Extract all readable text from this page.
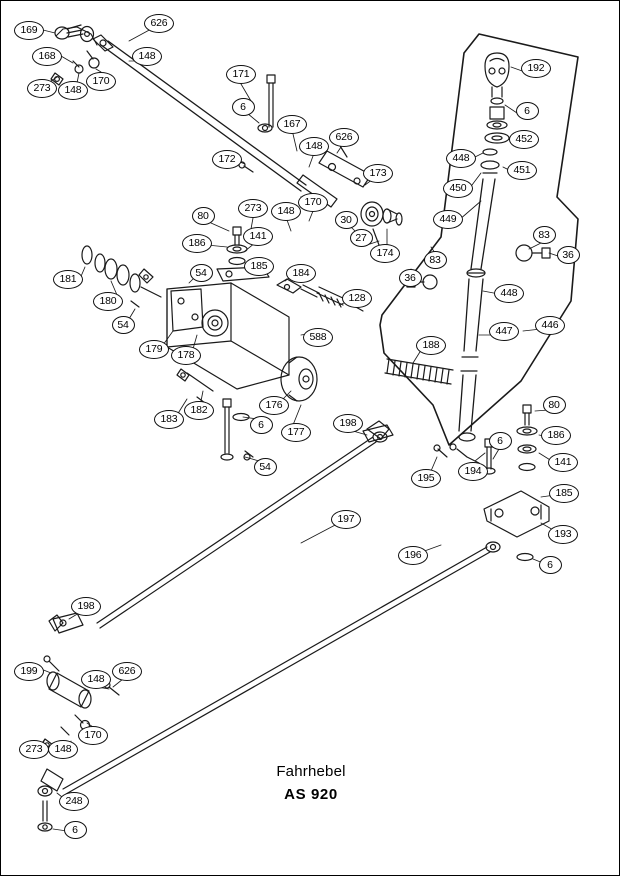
169
626
168	148
273	148
170
171
6
167
148
626
172
173
192
6
452
448
451
450
449
273
80	148
170
30
27
174
83
83
36
36
186
141
185
184
54
181
180
54
179	178
128
588
448
446
447
188
183
182	176
6
177
198
54
195
194
6
80
186
141
185
193
6
197
196
198
199
148
626
170
273	148
248
6
Fahrhebel
AS 920
